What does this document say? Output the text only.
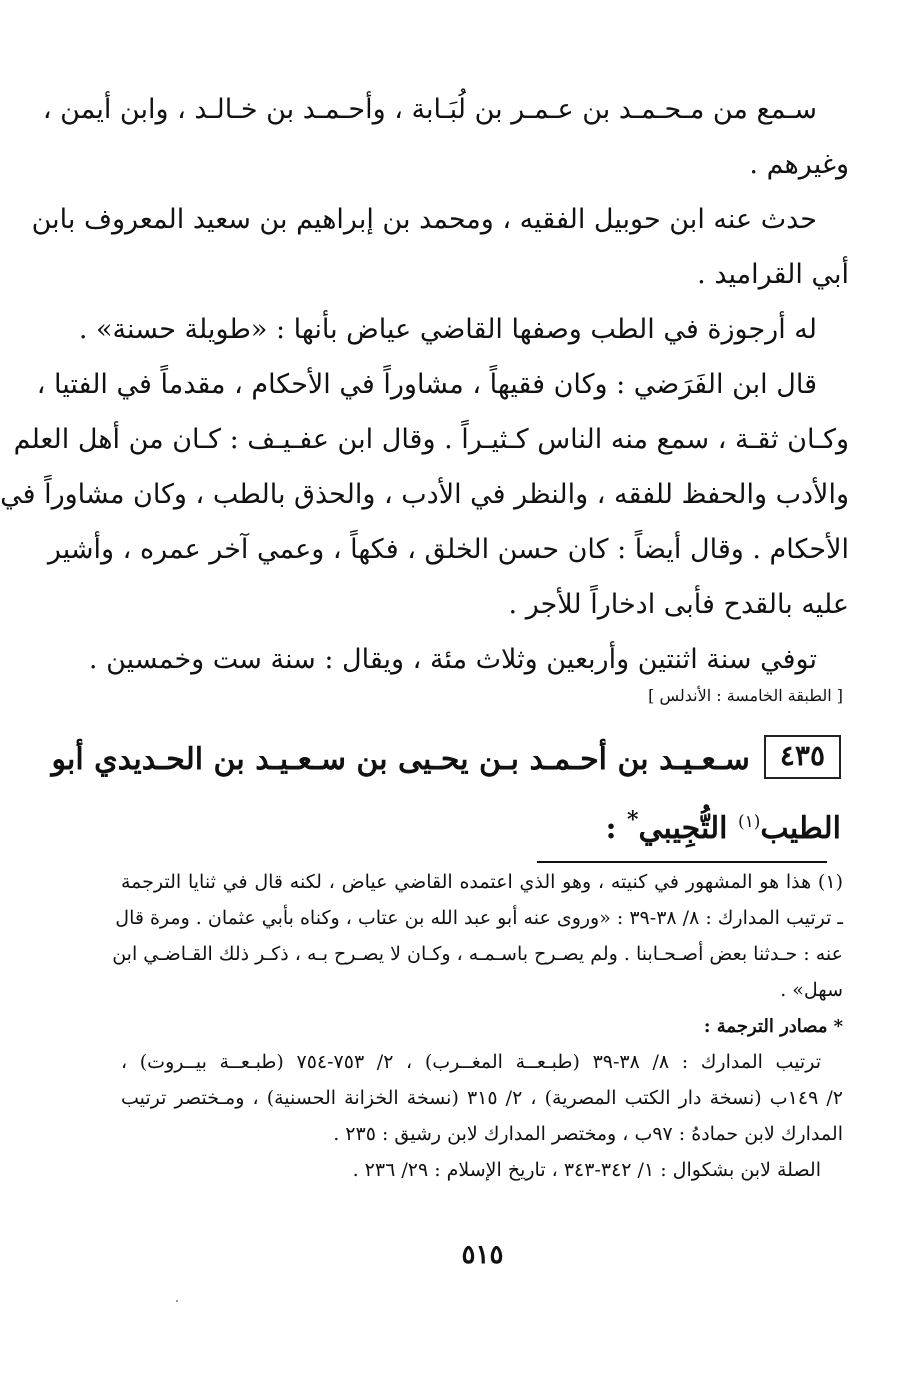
سـمع من مـحـمـد بن عـمـر بن لُبَـابة ، وأحـمـد بن خـالـد ، وابن أيمن ،
وغيرهم .
حدث عنه ابن حوبيل الفقيه ، ومحمد بن إبراهيم بن سعيد المعروف بابن
أبي القراميد .
له أرجوزة في الطب وصفها القاضي عياض بأنها : «طويلة حسنة» .
قال ابن الفَرَضي : وكان فقيهاً ، مشاوراً في الأحكام ، مقدماً في الفتيا ،
وكـان ثقـة ، سمع منه الناس كـثيـراً . وقال ابن عفـيـف : كـان من أهل العلم
والأدب والحفظ للفقه ، والنظر في الأدب ، والحذق بالطب ، وكان مشاوراً في
الأحكام . وقال أيضاً : كان حسن الخلق ، فكهاً ، وعمي آخر عمره ، وأشير
عليه بالقدح فأبى ادخاراً للأجر .
توفي سنة اثنتين وأربعين وثلاث مئة ، ويقال : سنة ست وخمسين .
[ الطبقة الخامسة : الأندلس ]
٤٣٥سـعـيـد بن أحـمـد بـن يحـيى بن سـعـيـد بن الحـديدي أبو
الطيب$^{(١)}$ التُّجِيبي* :
(١) هذا هو المشهور في كنيته ، وهو الذي اعتمده القاضي عياض ، لكنه قال في ثنايا الترجمة
ـ ترتيب المدارك : ٨/ ٣٨-٣٩ : «وروى عنه أبو عبد الله بن عتاب ، وكناه بأبي عثمان . ومرة قال
عنه : حـدثنا بعض أصـحـابنا . ولم يصـرح باسـمـه ، وكـان لا يصـرح بـه ، ذكـر ذلك القـاضـي ابن
سهل» .
* مصادر الترجمة :
ترتيب المدارك : ٨/ ٣٨-٣٩ (طبـعــة المغــرب) ، ٢/ ٧٥٣-٧٥٤ (طبـعــة بيــروت) ،
٢/ ١٤٩ب (نسخة دار الكتب المصرية) ، ٢/ ٣١٥ (نسخة الخزانة الحسنية) ، ومـختصر ترتيب
المدارك لابن حمادهُ : ٩٧ب ، ومختصر المدارك لابن رشيق : ٢٣٥ .
الصلة لابن بشكوال : ١/ ٣٤٢-٣٤٣ ، تاريخ الإسلام : ٢٩/ ٢٣٦ .
٥١٥
